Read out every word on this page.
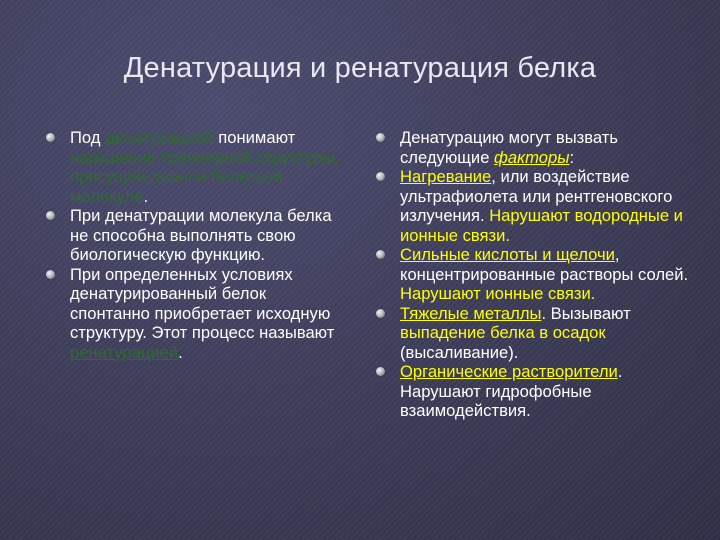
Денатурация и ренатурация белка
Под денатурацией понимают нарушение трехмерной структуры, присущей данной белковой молекуле.
При денатурации молекула белка не способна выполнять свою биологическую функцию.
При определенных условиях денатурированный белок спонтанно приобретает исходную структуру. Этот процесс называют ренатурацией.
Денатурацию могут вызвать следующие факторы:
Нагревание, или воздействие ультрафиолета или рентгеновского излучения. Нарушают водородные и ионные связи.
Сильные кислоты и щелочи, концентрированные растворы солей. Нарушают ионные связи.
Тяжелые металлы. Вызывают выпадение белка в осадок (высаливание).
Органические растворители. Нарушают гидрофобные взаимодействия.
